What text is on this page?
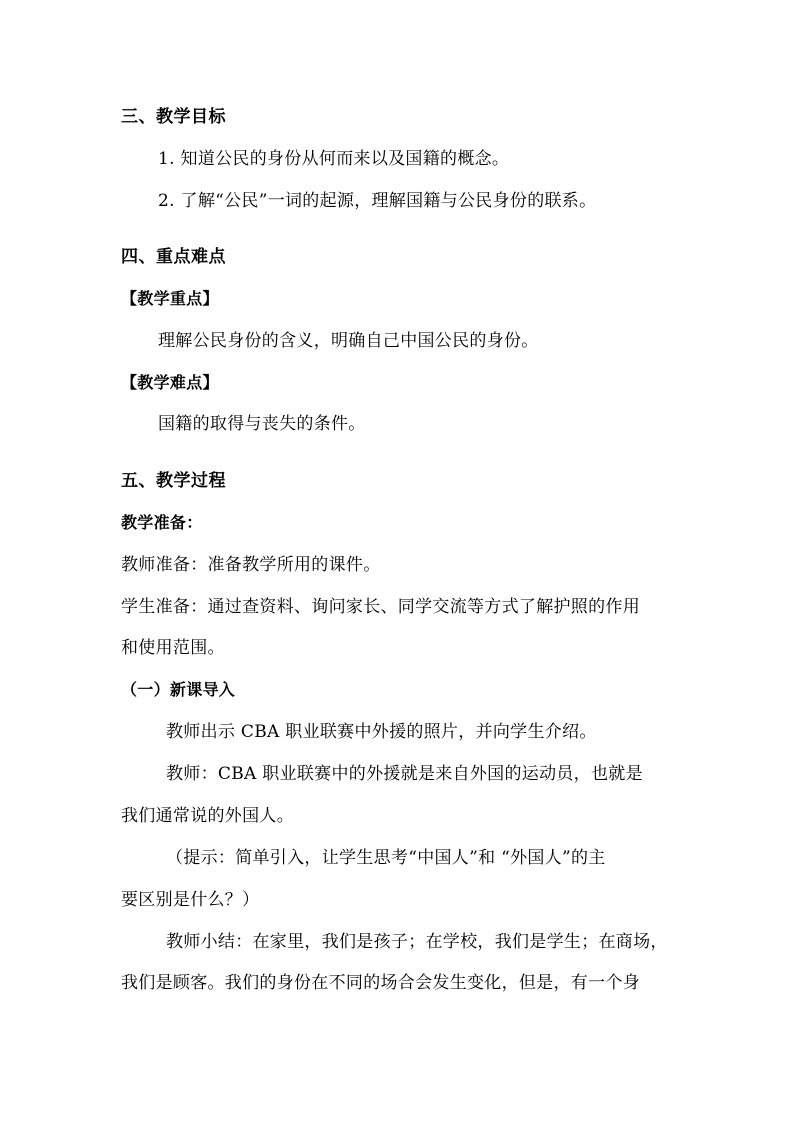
三、教学目标
1. 知道公民的身份从何而来以及国籍的概念。
2. 了解“公民”一词的起源，理解国籍与公民身份的联系。
四、重点难点
【教学重点】
理解公民身份的含义，明确自己中国公民的身份。
【教学难点】
国籍的取得与丧失的条件。
五、教学过程
教学准备：
教师准备：准备教学所用的课件。
学生准备：通过查资料、询问家长、同学交流等方式了解护照的作用
和使用范围。
（一）新课导入
教师出示 CBA 职业联赛中外援的照片，并向学生介绍。
教师：CBA 职业联赛中的外援就是来自外国的运动员，也就是
我们通常说的外国人。
（提示：简单引入，让学生思考“中国人”和 “外国人”的主
要区别是什么？）
教师小结：在家里，我们是孩子；在学校，我们是学生；在商场，
我们是顾客。我们的身份在不同的场合会发生变化，但是，有一个身
